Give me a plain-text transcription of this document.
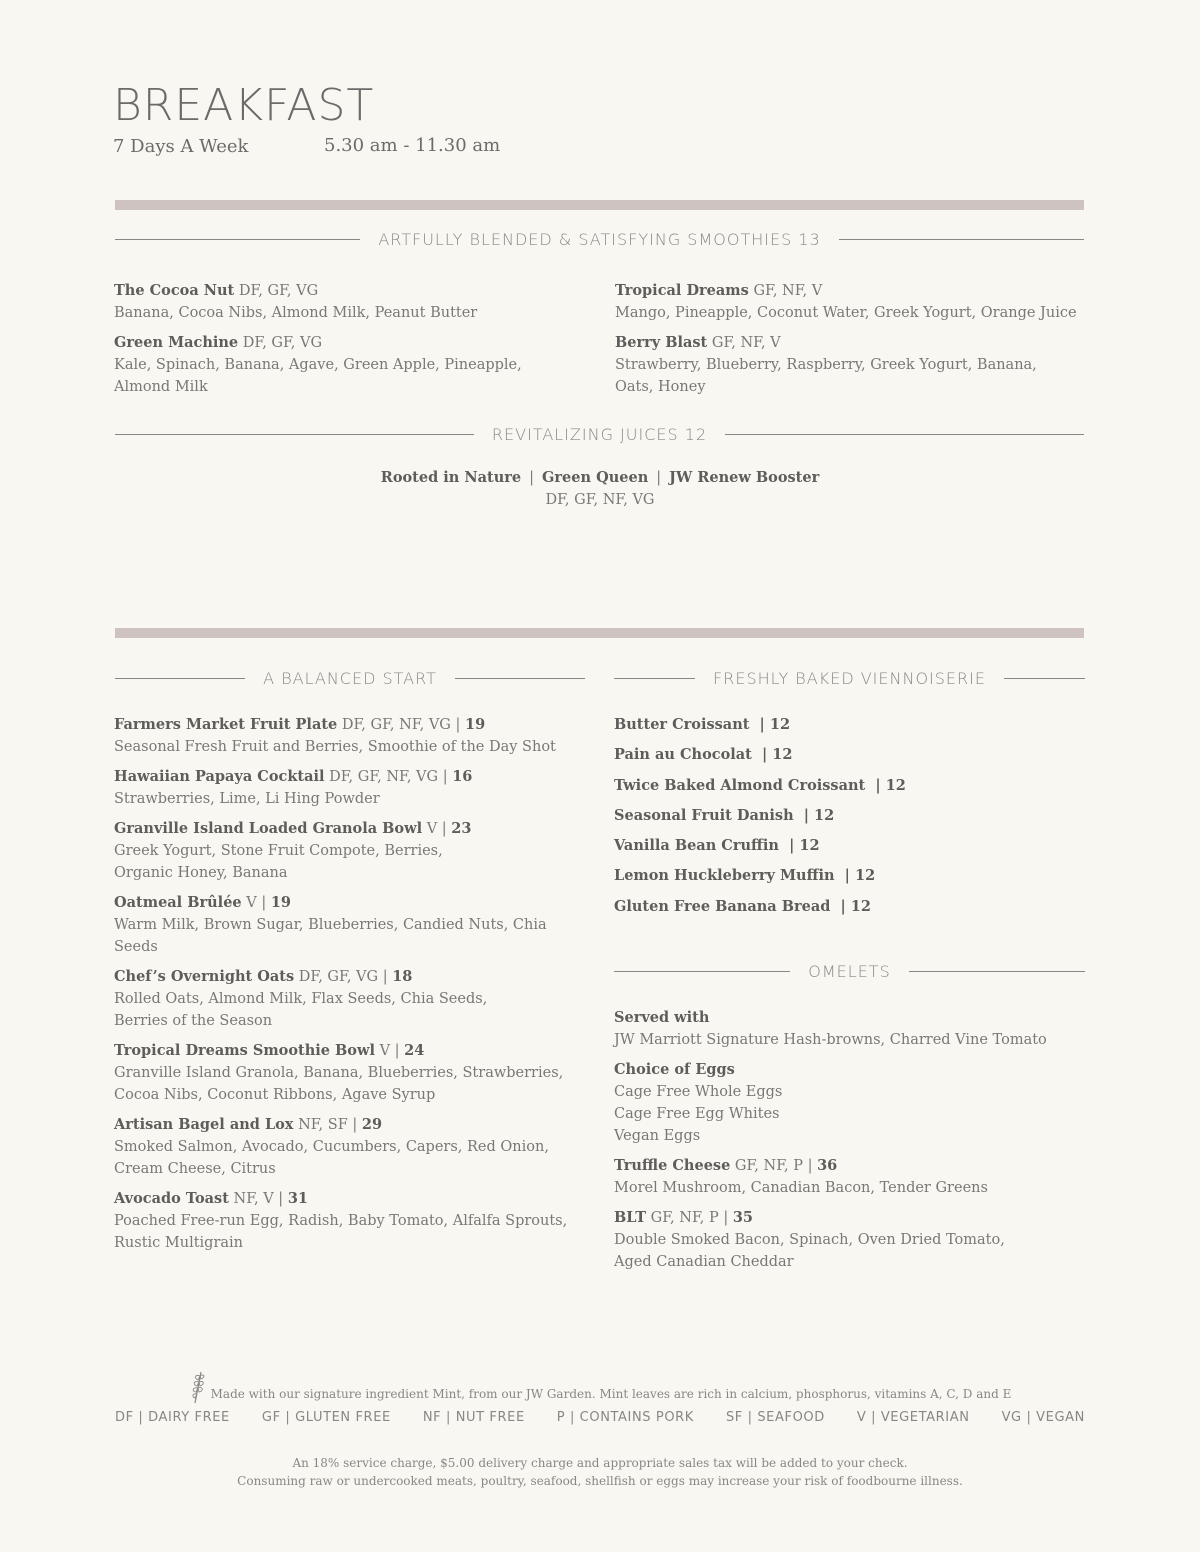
BREAKFAST
7 Days A Week	5.30 am - 11.30 am
ARTFULLY BLENDED & SATISFYING SMOOTHIES 13
The Cocoa Nut DF, GF, VG
Banana, Cocoa Nibs, Almond Milk, Peanut Butter
Green Machine DF, GF, VG
Kale, Spinach, Banana, Agave, Green Apple, Pineapple,
Almond Milk
Tropical Dreams GF, NF, V
Mango, Pineapple, Coconut Water, Greek Yogurt, Orange Juice
Berry Blast GF, NF, V
Strawberry, Blueberry, Raspberry, Greek Yogurt, Banana,
Oats, Honey
REVITALIZING JUICES 12
Rooted in Nature | Green Queen | JW Renew Booster
DF, GF, NF, VG
A BALANCED START
Farmers Market Fruit Plate DF, GF, NF, VG | 19
Seasonal Fresh Fruit and Berries, Smoothie of the Day Shot
Hawaiian Papaya Cocktail DF, GF, NF, VG | 16
Strawberries, Lime, Li Hing Powder
Granville Island Loaded Granola Bowl V | 23
Greek Yogurt, Stone Fruit Compote, Berries,
Organic Honey, Banana
Oatmeal Brûlée V | 19
Warm Milk, Brown Sugar, Blueberries, Candied Nuts, Chia Seeds
Chef’s Overnight Oats DF, GF, VG | 18
Rolled Oats, Almond Milk, Flax Seeds, Chia Seeds,
Berries of the Season
Tropical Dreams Smoothie Bowl V | 24
Granville Island Granola, Banana, Blueberries, Strawberries,
Cocoa Nibs, Coconut Ribbons, Agave Syrup
Artisan Bagel and Lox NF, SF | 29
Smoked Salmon, Avocado, Cucumbers, Capers, Red Onion,
Cream Cheese, Citrus
Avocado Toast NF, V | 31
Poached Free-run Egg, Radish, Baby Tomato, Alfalfa Sprouts,
Rustic Multigrain
FRESHLY BAKED VIENNOISERIE
Butter Croissant | 12
Pain au Chocolat | 12
Twice Baked Almond Croissant | 12
Seasonal Fruit Danish | 12
Vanilla Bean Cruffin | 12
Lemon Huckleberry Muffin | 12
Gluten Free Banana Bread | 12
OMELETS
Served with
JW Marriott Signature Hash-browns, Charred Vine Tomato
Choice of Eggs
Cage Free Whole Eggs
Cage Free Egg Whites
Vegan Eggs
Truffle Cheese GF, NF, P | 36
Morel Mushroom, Canadian Bacon, Tender Greens
BLT GF, NF, P | 35
Double Smoked Bacon, Spinach, Oven Dried Tomato,
Aged Canadian Cheddar
Made with our signature ingredient Mint, from our JW Garden. Mint leaves are rich in calcium, phosphorus, vitamins A, C, D and E
DF | DAIRY FREE GF | GLUTEN FREE NF | NUT FREE P | CONTAINS PORK SF | SEAFOOD V | VEGETARIAN VG | VEGAN
An 18% service charge, $5.00 delivery charge and appropriate sales tax will be added to your check.
Consuming raw or undercooked meats, poultry, seafood, shellfish or eggs may increase your risk of foodbourne illness.
